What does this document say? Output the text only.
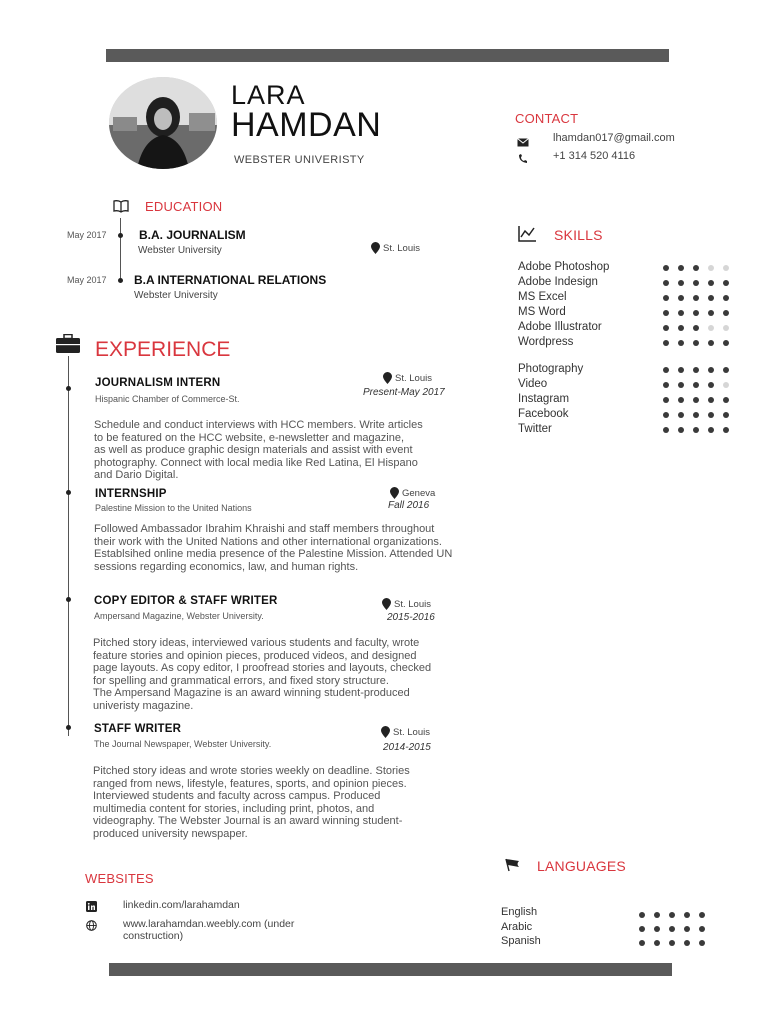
LARA
HAMDAN
WEBSTER UNIVERISTY
CONTACT
lhamdan017@gmail.com
+1 314 520 4116
EDUCATION
May 2017	B.A. JOURNALISM
Webster University	St. Louis
May 2017 B.A INTERNATIONAL RELATIONS
Webster University
EXPERIENCE
JOURNALISM INTERN
Hispanic Chamber of Commerce-St.
St. Louis
Present-May 2017
Schedule and conduct interviews with HCC members. Write articles
to be featured on the HCC website, e-newsletter and magazine,
as well as produce graphic design materials and assist with event
photography. Connect with local media like Red Latina, El Hispano
and Dario Digital.
INTERNSHIP
Palestine Mission to the United Nations
Geneva
Fall 2016
Followed Ambassador Ibrahim Khraishi and staff members throughout
their work with the United Nations and other international organizations.
Establsihed online media presence of the Palestine Mission. Attended UN
sessions regarding economics, law, and human rights.
COPY EDITOR & STAFF WRITER
Ampersand Magazine, Webster University.
St. Louis
2015-2016
Pitched story ideas, interviewed various students and faculty, wrote
feature stories and opinion pieces, produced videos, and designed
page layouts. As copy editor, I proofread stories and layouts, checked
for spelling and grammatical errors, and fixed story structure.
The Ampersand Magazine is an award winning student-produced
univeristy magazine.
STAFF WRITER
The Journal Newspaper, Webster University.
St. Louis
2014-2015
Pitched story ideas and wrote stories weekly on deadline. Stories
ranged from news, lifestyle, features, sports, and opinion pieces.
Interviewed students and faculty across campus. Produced
multimedia content for stories, including print, photos, and
videography. The Webster Journal is an award winning student-
produced university newspaper.
SKILLS
Adobe Photoshop
Adobe Indesign
MS Excel
MS Word
Adobe Illustrator
Wordpress
Photography
Video
Instagram
Facebook
Twitter
WEBSITES
linkedin.com/larahamdan
www.larahamdan.weebly.com (under
construction)
LANGUAGES
English
Arabic
Spanish
